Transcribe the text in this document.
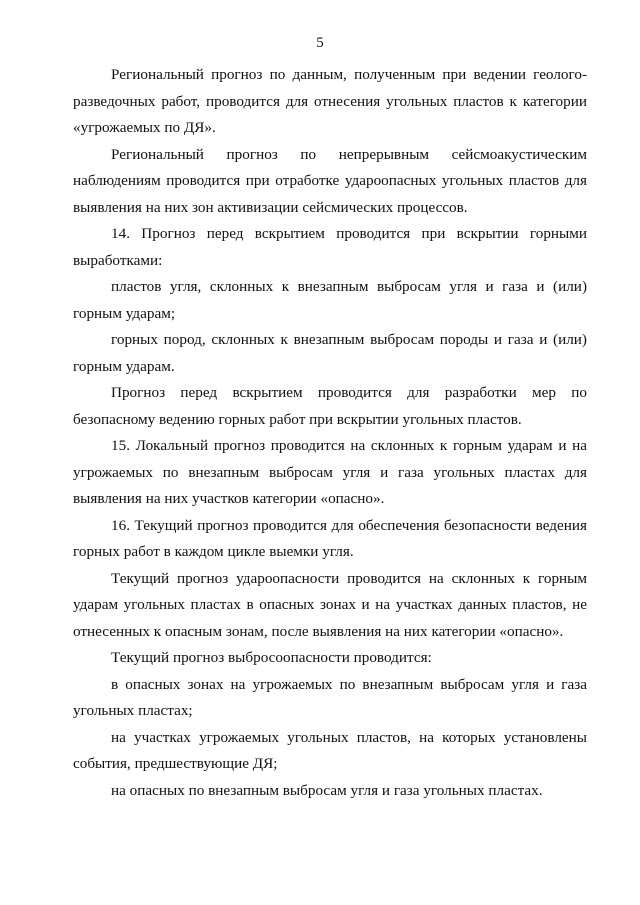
5

Региональный прогноз по данным, полученным при ведении геолого-разведочных работ, проводится для отнесения угольных пластов к категории «угрожаемых по ДЯ».

Региональный прогноз по непрерывным сейсмоакустическим наблюдениям проводится при отработке удароопасных угольных пластов для выявления на них зон активизации сейсмических процессов.

14. Прогноз перед вскрытием проводится при вскрытии горными выработками:

пластов угля, склонных к внезапным выбросам угля и газа и (или) горным ударам;

горных пород, склонных к внезапным выбросам породы и газа и (или) горным ударам.

Прогноз перед вскрытием проводится для разработки мер по безопасному ведению горных работ при вскрытии угольных пластов.

15. Локальный прогноз проводится на склонных к горным ударам и на угрожаемых по внезапным выбросам угля и газа угольных пластах для выявления на них участков категории «опасно».

16. Текущий прогноз проводится для обеспечения безопасности ведения горных работ в каждом цикле выемки угля.

Текущий прогноз удароопасности проводится на склонных к горным ударам угольных пластах в опасных зонах и на участках данных пластов, не отнесенных к опасным зонам, после выявления на них категории «опасно».

Текущий прогноз выбросоопасности проводится:

в опасных зонах на угрожаемых по внезапным выбросам угля и газа угольных пластах;

на участках угрожаемых угольных пластов, на которых установлены события, предшествующие ДЯ;

на опасных по внезапным выбросам угля и газа угольных пластах.
